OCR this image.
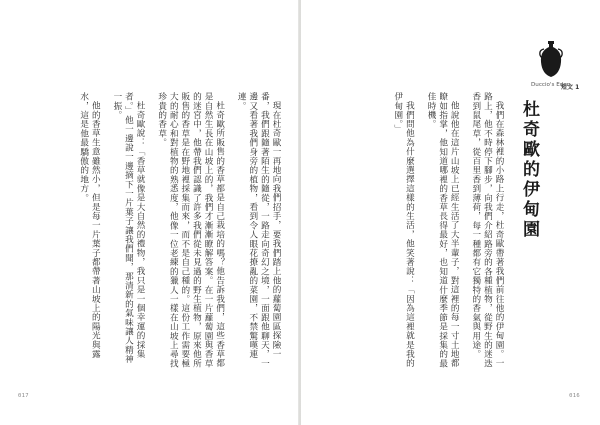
現在杜奇歐一再地向我們招手，要我們踏上他的蘿蔔園區探險一番，我們跟隨著陌生的隨從，一路走向奇幻之境，一面跟他聊天，一邊又看著我們身旁的植物，看到令人眼花撩亂的菜園，不禁驚嘆連連。

杜奇歐所販售的香草都是自己栽培的嗎？他告訴我們，這些香草都是自然生長在山坡上的，我們才漸漸瞭解答案。在一片蘿蔔園與香草的迷宮中，他帶我們認識了許多我們從未見過的野生植物，原來他所販售的香草是在野地裡採集而來，而不是自己種的。這份工作需要極大的耐心和對植物的熟悉度，他像一位老練的獵人一樣在山坡上尋找珍貴的香草。

杜奇歐說：「香草就像是大自然的禮物，我只是一個幸運的採集者。」他一邊說一邊摘下一片葉子讓我們聞，那清新的氣味讓人精神一振。

他的香草生意雖然小，但是每一片葉子都帶著山坡上的陽光與露水，這是他最驕傲的地方。

017
Duccio's Eden
短文 1
杜奇歐的伊甸園

我們在森林裡的小路上行走，杜奇歐帶著我們前往他的伊甸園。一路上，他不時停下腳步，向我們介紹路旁的各種植物，從野生的迷迭香到鼠尾草，從百里香到薄荷，每一種都有它獨特的香氣與用途。

他說他在這片山坡上已經生活了大半輩子，對這裡的每一寸土地都瞭如指掌，他知道哪裡的香草長得最好，也知道什麼季節是採集的最佳時機。

我們問他為什麼選擇這樣的生活，他笑著說：「因為這裡就是我的伊甸園。」

016
